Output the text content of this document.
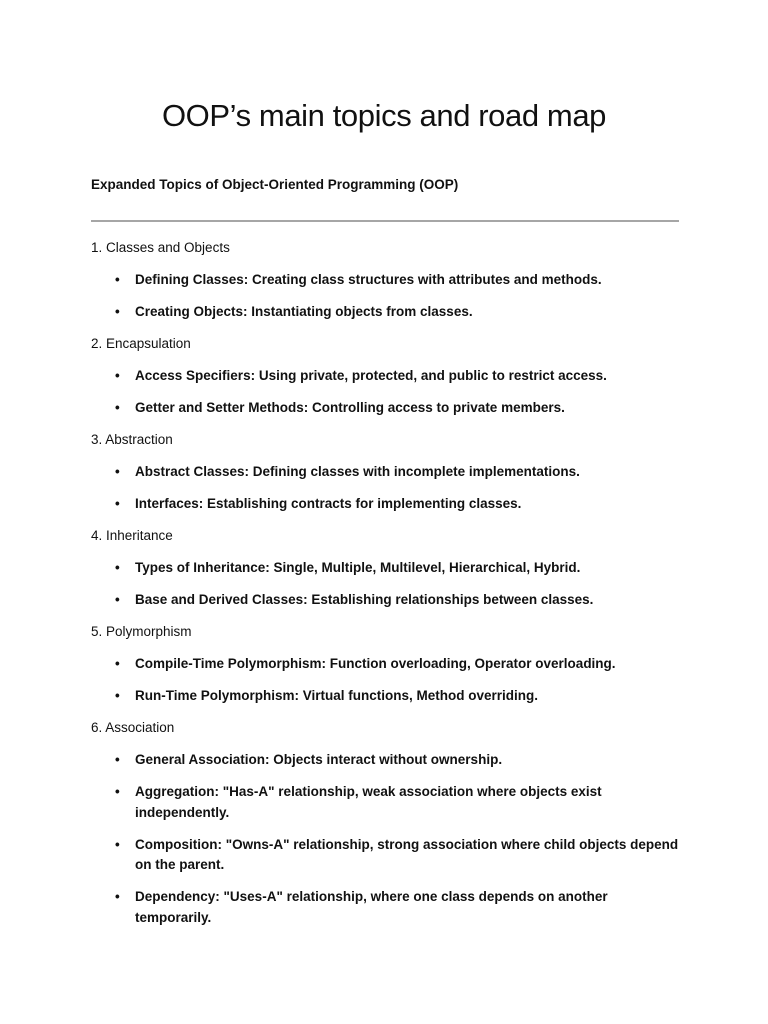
OOP’s main topics and road map

Expanded Topics of Object-Oriented Programming (OOP)

1. Classes and Objects

• Defining Classes: Creating class structures with attributes and methods.
• Creating Objects: Instantiating objects from classes.

2. Encapsulation

• Access Specifiers: Using private, protected, and public to restrict access.
• Getter and Setter Methods: Controlling access to private members.

3. Abstraction

• Abstract Classes: Defining classes with incomplete implementations.
• Interfaces: Establishing contracts for implementing classes.

4. Inheritance

• Types of Inheritance: Single, Multiple, Multilevel, Hierarchical, Hybrid.
• Base and Derived Classes: Establishing relationships between classes.

5. Polymorphism

• Compile-Time Polymorphism: Function overloading, Operator overloading.
• Run-Time Polymorphism: Virtual functions, Method overriding.

6. Association

• General Association: Objects interact without ownership.
• Aggregation: "Has-A" relationship, weak association where objects exist independently.
• Composition: "Owns-A" relationship, strong association where child objects depend on the parent.
• Dependency: "Uses-A" relationship, where one class depends on another temporarily.
